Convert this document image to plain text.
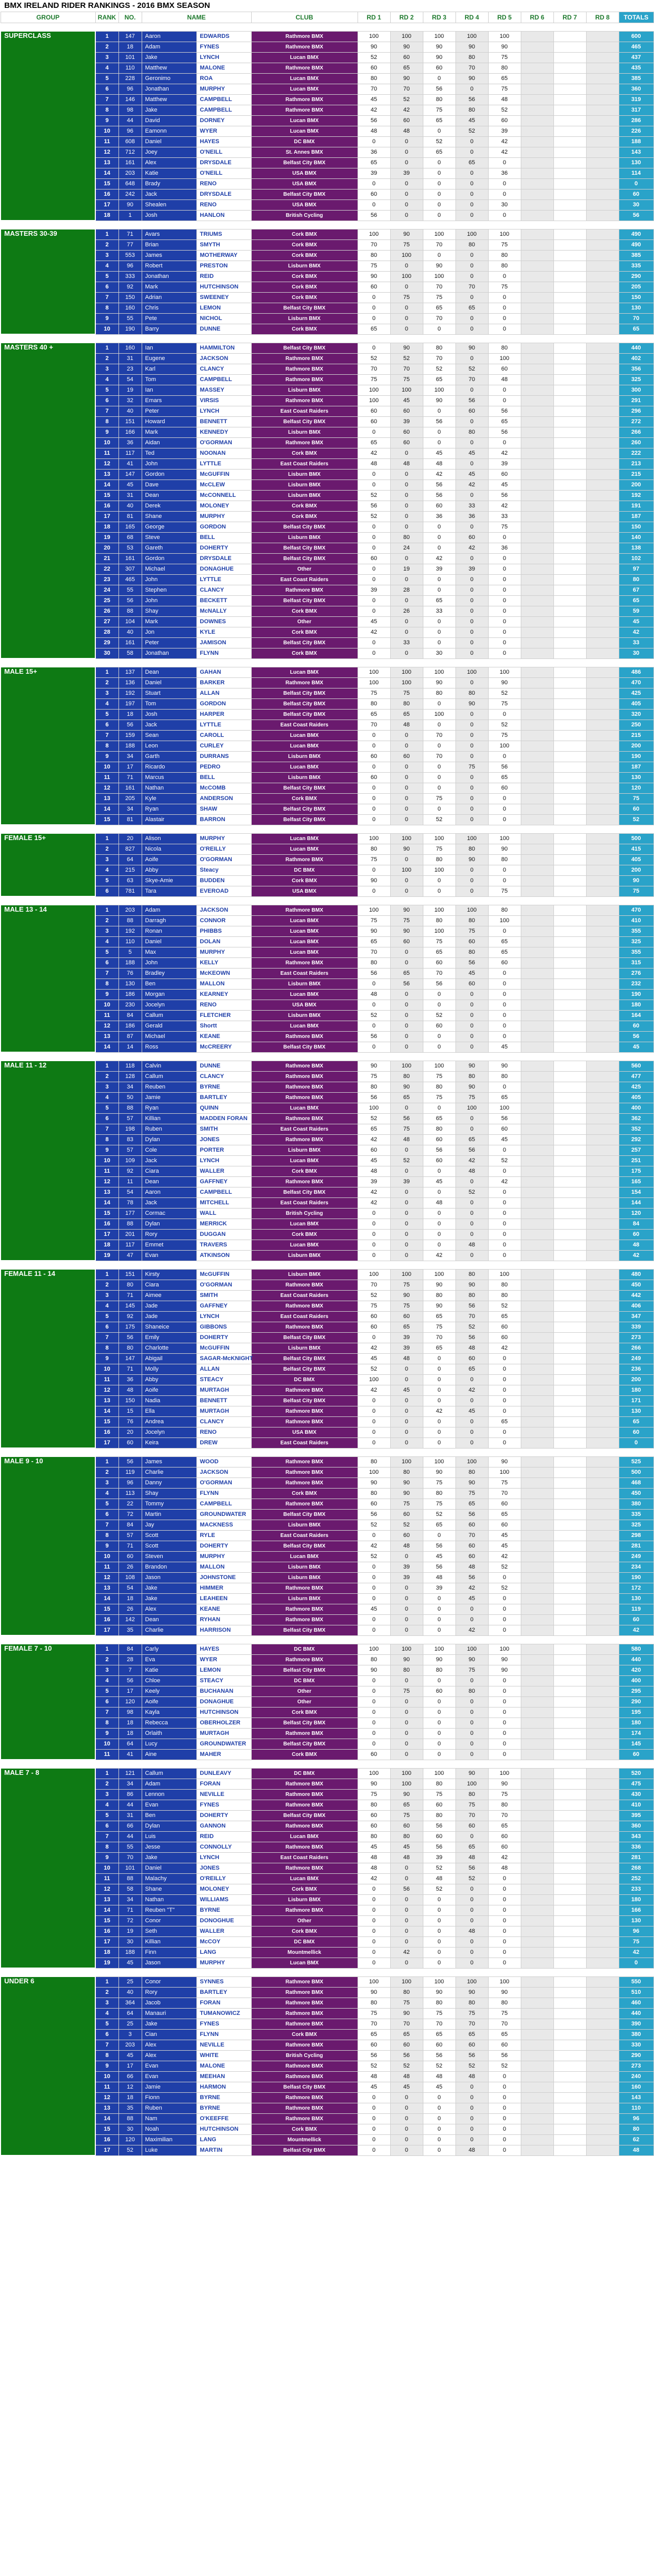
BMX IRELAND RIDER RANKINGS - 2016 BMX SEASON
GROUP	RANK	NO.	NAME		CLUB	RD 1	RD 2	RD 3	RD 4	RD 5	RD 6	RD 7	RD 8	TOTALS

SUPERCLASS	1	147	Aaron	EDWARDS	Rathmore BMX	100	100	100	100	100				600
	2	18	Adam	FYNES	Rathmore BMX	90	90	90	90	90				465
	3	101	Jake	LYNCH	Lucan BMX	52	60	90	80	75				437
	4	110	Matthew	MALONE	Rathmore BMX	60	65	60	70	80				435
	5	228	Geronimo	ROA	Lucan BMX	80	90	0	90	65				385
	6	96	Jonathan	MURPHY	Lucan BMX	70	70	56	0	75				360
	7	146	Matthew	CAMPBELL	Rathmore BMX	45	52	80	56	48				319
	8	98	Jake	CAMPBELL	Rathmore BMX	42	42	75	80	52				317
	9	44	David	DORNEY	Lucan BMX	56	60	65	45	60				286
	10	96	Eamonn	WYER	Lucan BMX	48	48	0	52	39				226
	11	608	Daniel	HAYES	DC BMX	0	0	52	0	42				188
	12	712	Joey	O'NEILL	St. Annes BMX	36	0	65	0	42				143
	13	161	Alex	DRYSDALE	Belfast City BMX	65	0	0	65	0				130
	14	203	Katie	O'NEILL	USA BMX	39	39	0	0	36				114
	15	648	Brady	RENO	USA BMX	0	0	0	0	0				0
	16	242	Jack	DRYSDALE	Belfast City BMX	60	0	0	0	0				60
	17	90	Shealen	RENO	USA BMX	0	0	0	0	30				30
	18	1	Josh	HANLON	British Cycling	56	0	0	0	0				56

MASTERS 30-39	1	71	Avars	TRIUMS	Cork BMX	100	90	100	100	100				490
	2	77	Brian	SMYTH	Cork BMX	70	75	70	80	75				490
	3	553	James	MOTHERWAY	Cork BMX	80	100	0	0	80				385
	4	96	Robert	PRESTON	Lisburn BMX	75	0	90	0	80				335
	5	333	Jonathan	REID	Cork BMX	90	100	100	0	0				290
	6	92	Mark	HUTCHINSON	Cork BMX	60	0	70	70	75				205
	7	150	Adrian	SWEENEY	Cork BMX	0	75	75	0	0				150
	8	160	Chris	LEMON	Belfast City BMX	0	0	65	65	0				130
	9	55	Pete	NICHOL	Lisburn BMX	0	0	70	0	0				70
	10	190	Barry	DUNNE	Cork BMX	65	0	0	0	0				65

MASTERS 40 +	1	160	Ian	HAMMILTON	Belfast City BMX	0	90	80	90	80				440
	2	31	Eugene	JACKSON	Rathmore BMX	52	52	70	0	100				402
	3	23	Karl	CLANCY	Rathmore BMX	70	70	52	52	60				356
	4	54	Tom	CAMPBELL	Rathmore BMX	75	75	65	70	48				325
	5	19	Ian	MASSEY	Lisburn BMX	100	100	100	0	0				300
	6	32	Emars	VIRSIS	Rathmore BMX	100	45	90	56	0				291
	7	40	Peter	LYNCH	East Coast Raiders	60	60	0	60	56				296
	8	151	Howard	BENNETT	Belfast City BMX	60	39	56	0	65				272
	9	166	Mark	KENNEDY	Lisburn BMX	0	60	0	80	56				266
	10	36	Aidan	O'GORMAN	Rathmore BMX	65	60	0	0	0				260
	11	117	Ted	NOONAN	Cork BMX	42	0	45	45	42				222
	12	41	John	LYTTLE	East Coast Raiders	48	48	48	0	39				213
	13	147	Gordon	McGUFFIN	Lisburn BMX	0	0	42	45	60				215
	14	45	Dave	McCLEW	Lisburn BMX	0	0	56	42	45				200
	15	31	Dean	McCONNELL	Lisburn BMX	52	0	56	0	56				192
	16	40	Derek	MOLONEY	Cork BMX	56	0	60	33	42				191
	17	81	Shane	MURPHY	Cork BMX	52	0	36	36	33				187
	18	165	George	GORDON	Belfast City BMX	0	0	0	0	75				150
	19	68	Steve	BELL	Lisburn BMX	0	80	0	60	0				140
	20	53	Gareth	DOHERTY	Belfast City BMX	0	24	0	42	36				138
	21	161	Gordon	DRYSDALE	Belfast City BMX	60	0	42	0	0				102
	22	307	Michael	DONAGHUE	Other	0	19	39	39	0				97
	23	465	John	LYTTLE	East Coast Raiders	0	0	0	0	0				80
	24	55	Stephen	CLANCY	Rathmore BMX	39	28	0	0	0				67
	25	56	John	BECKETT	Belfast City BMX	0	0	65	0	0				65
	26	88	Shay	McNALLY	Cork BMX	0	26	33	0	0				59
	27	104	Mark	DOWNES	Other	45	0	0	0	0				45
	28	40	Jon	KYLE	Cork BMX	42	0	0	0	0				42
	29	161	Peter	JAMISON	Belfast City BMX	0	33	0	0	0				33
	30	58	Jonathan	FLYNN	Cork BMX	0	0	30	0	0				30

MALE 15+	1	137	Dean	GAHAN	Lucan BMX	100	100	100	100	100				486
	2	136	Daniel	BARKER	Rathmore BMX	100	100	90	0	90				470
	3	192	Stuart	ALLAN	Belfast City BMX	75	75	80	80	52				425
	4	197	Tom	GORDON	Belfast City BMX	80	80	0	90	75				405
	5	18	Josh	HARPER	Belfast City BMX	65	65	100	0	0				320
	6	56	Jack	LYTTLE	East Coast Raiders	70	48	0	0	52				250
	7	159	Sean	CAROLL	Lucan BMX	0	0	70	0	75				215
	8	188	Leon	CURLEY	Lucan BMX	0	0	0	0	100				200
	9	34	Garth	DURRANS	Lisburn BMX	60	60	70	0	0				190
	10	17	Ricardo	PEDRO	Lucan BMX	0	0	0	75	56				187
	11	71	Marcus	BELL	Lisburn BMX	60	0	0	0	65				130
	12	161	Nathan	McCOMB	Belfast City BMX	0	0	0	0	60				120
	13	205	Kyle	ANDERSON	Cork BMX	0	0	75	0	0				75
	14	34	Ryan	SHAW	Belfast City BMX	0	0	0	0	0				60
	15	81	Alastair	BARRON	Belfast City BMX	0	0	52	0	0				52

FEMALE 15+	1	20	Alison	MURPHY	Lucan BMX	100	100	100	100	100				500
	2	827	Nicola	O'REILLY	Lucan BMX	80	90	75	80	90				415
	3	64	Aoife	O'GORMAN	Rathmore BMX	75	0	80	90	80				405
	4	215	Abby	Steacy	DC BMX	0	100	100	0	0				200
	5	63	Skye-Amie	BUDDEN	Cork BMX	90	0	0	0	0				90
	6	781	Tara	EVEROAD	USA BMX	0	0	0	0	75				75

MALE 13 - 14	1	203	Adam	JACKSON	Rathmore BMX	100	90	100	100	80				470
	2	88	Darragh	CONNOR	Lucan BMX	75	75	80	80	100				410
	3	192	Ronan	PHIBBS	Lucan BMX	90	90	100	75	0				355
	4	110	Daniel	DOLAN	Lucan BMX	65	60	75	60	65				325
	5	5	Max	MURPHY	Lucan BMX	70	0	65	80	65				355
	6	188	John	KELLY	Rathmore BMX	80	0	60	56	60				315
	7	76	Bradley	McKEOWN	East Coast Raiders	56	65	70	45	0				276
	8	130	Ben	MALLON	Lisburn BMX	0	56	56	60	0				232
	9	186	Morgan	KEARNEY	Lucan BMX	48	0	0	0	0				190
	10	230	Jocelyn	RENO	USA BMX	0	0	0	0	0				180
	11	84	Callum	FLETCHER	Lisburn BMX	52	0	52	0	0				164
	12	186	Gerald	Shortt	Lucan BMX	0	0	60	0	0				60
	13	87	Michael	KEANE	Rathmore BMX	56	0	0	0	0				56
	14	14	Ross	McCREERY	Belfast City BMX	0	0	0	0	45				45

MALE 11 - 12	1	118	Calvin	DUNNE	Rathmore BMX	90	100	100	90	90				560
	2	128	Callum	CLANCY	Rathmore BMX	75	80	75	80	80				477
	3	34	Reuben	BYRNE	Rathmore BMX	80	90	80	90	0				425
	4	50	Jamie	BARTLEY	Rathmore BMX	56	65	75	75	65				405
	5	88	Ryan	QUINN	Lucan BMX	100	0	0	100	100				400
	6	57	Killian	MADDEN FORAN	Rathmore BMX	52	56	65	0	56				362
	7	198	Ruben	SMITH	East Coast Raiders	65	75	80	0	60				352
	8	83	Dylan	JONES	Rathmore BMX	42	48	60	65	45				292
	9	57	Cole	PORTER	Lisburn BMX	60	0	56	56	0				257
	10	109	Jack	LYNCH	Lucan BMX	45	52	60	42	52				251
	11	92	Ciara	WALLER	Cork BMX	48	0	0	48	0				175
	12	11	Dean	GAFFNEY	Rathmore BMX	39	39	45	0	42				165
	13	54	Aaron	CAMPBELL	Belfast City BMX	42	0	0	52	0				154
	14	78	Jack	MITCHELL	East Coast Raiders	42	0	48	0	0				144
	15	177	Cormac	WALL	British Cycling	0	0	0	0	0				120
	16	88	Dylan	MERRICK	Lucan BMX	0	0	0	0	0				84
	17	201	Rory	DUGGAN	Cork BMX	0	0	0	0	0				60
	18	117	Emmet	TRAVERS	Lucan BMX	0	0	0	48	0				48
	19	47	Evan	ATKINSON	Lisburn BMX	0	0	42	0	0				42

FEMALE 11 - 14	1	151	Kirsty	McGUFFIN	Lisburn BMX	100	100	100	80	100				480
	2	80	Ciara	O'GORMAN	Rathmore BMX	70	75	90	90	80				450
	3	71	Aimee	SMITH	East Coast Raiders	52	90	80	80	80				442
	4	145	Jade	GAFFNEY	Rathmore BMX	75	75	90	56	52				406
	5	92	Jade	LYNCH	East Coast Raiders	60	60	65	70	65				347
	6	175	Shaneice	GIBBONS	Rathmore BMX	60	65	75	52	60				339
	7	56	Emily	DOHERTY	Belfast City BMX	0	39	70	56	60				273
	8	80	Charlotte	McGUFFIN	Lisburn BMX	42	39	65	48	42				266
	9	147	Abigail	SAGAR-McKNIGHT	Belfast City BMX	45	48	0	60	0				249
	10	71	Molly	ALLAN	Belfast City BMX	52	0	0	65	0				236
	11	36	Abby	STEACY	DC BMX	100	0	0	0	0				200
	12	48	Aoife	MURTAGH	Rathmore BMX	42	45	0	42	0				180
	13	150	Nadia	BENNETT	Belfast City BMX	0	0	0	0	0				171
	14	15	Ella	MURTAGH	Rathmore BMX	0	0	42	45	0				130
	15	76	Andrea	CLANCY	Rathmore BMX	0	0	0	0	65				65
	16	20	Jocelyn	RENO	USA BMX	0	0	0	0	0				60
	17	60	Keira	DREW	East Coast Raiders	0	0	0	0	0				0

MALE 9 - 10	1	56	James	WOOD	Rathmore BMX	80	100	100	100	90				525
	2	119	Charlie	JACKSON	Rathmore BMX	100	80	90	80	100				500
	3	96	Danny	O'GORMAN	Rathmore BMX	90	90	75	90	75				468
	4	113	Shay	FLYNN	Cork BMX	80	90	80	75	70				450
	5	22	Tommy	CAMPBELL	Rathmore BMX	60	75	75	65	60				380
	6	72	Martin	GROUNDWATER	Belfast City BMX	56	60	52	56	65				335
	7	84	Jay	MACKNESS	Lisburn BMX	52	52	65	60	60				325
	8	57	Scott	RYLE	East Coast Raiders	0	60	0	70	45				298
	9	71	Scott	DOHERTY	Belfast City BMX	42	48	56	60	45				281
	10	60	Steven	MURPHY	Lucan BMX	52	0	45	60	42				249
	11	26	Brandon	MALLON	Lisburn BMX	0	39	56	48	52				234
	12	108	Jason	JOHNSTONE	Lisburn BMX	0	39	48	56	0				190
	13	54	Jake	HIMMER	Rathmore BMX	0	0	39	42	52				172
	14	18	Jake	LEAHEEN	Lisburn BMX	0	0	0	45	0				130
	15	26	Alex	KEANE	Rathmore BMX	45	0	0	0	0				119
	16	142	Dean	RYHAN	Rathmore BMX	0	0	0	0	0				60
	17	35	Charlie	HARRISON	Belfast City BMX	0	0	0	42	0				42

FEMALE 7 - 10	1	84	Carly	HAYES	DC BMX	100	100	100	100	100				580
	2	28	Eva	WYER	Rathmore BMX	80	90	90	90	90				440
	3	7	Katie	LEMON	Belfast City BMX	90	80	80	75	90				420
	4	56	Chloe	STEACY	DC BMX	0	0	0	0	0				400
	5	17	Keely	BUCHANAN	Other	0	75	60	80	0				295
	6	120	Aoife	DONAGHUE	Other	0	0	0	0	0				290
	7	98	Kayla	HUTCHINSON	Cork BMX	0	0	0	0	0				195
	8	18	Rebecca	OBERHOLZER	Belfast City BMX	0	0	0	0	0				180
	9	18	Orlaith	MURTAGH	Rathmore BMX	0	0	0	0	0				174
	10	64	Lucy	GROUNDWATER	Belfast City BMX	0	0	0	0	0				145
	11	41	Aine	MAHER	Cork BMX	60	0	0	0	0				60

MALE 7 - 8	1	121	Callum	DUNLEAVY	DC BMX	100	100	100	90	100				520
	2	34	Adam	FORAN	Rathmore BMX	90	100	80	100	90				475
	3	86	Lennon	NEVILLE	Rathmore BMX	75	90	75	80	75				430
	4	44	Evan	FYNES	Rathmore BMX	80	65	60	75	80				410
	5	31	Ben	DOHERTY	Belfast City BMX	60	75	80	70	70				395
	6	66	Dylan	GANNON	Rathmore BMX	60	60	56	60	65				360
	7	44	Luis	REID	Lucan BMX	80	80	60	0	60				343
	8	55	Jesse	CONNOLLY	Rathmore BMX	45	45	56	65	60				336
	9	70	Jake	LYNCH	East Coast Raiders	48	48	39	48	42				281
	10	101	Daniel	JONES	Rathmore BMX	48	0	52	56	48				268
	11	88	Malachy	O'REILLY	Lucan BMX	42	0	48	52	0				252
	12	58	Shane	MOLONEY	Cork BMX	0	56	52	0	0				233
	13	34	Nathan	WILLIAMS	Lisburn BMX	0	0	0	0	0				180
	14	71	Reuben "T"	BYRNE	Rathmore BMX	0	0	0	0	0				166
	15	72	Conor	DONOGHUE	Other	0	0	0	0	0				130
	16	19	Seth	WALLER	Cork BMX	0	0	0	48	0				96
	17	30	Killian	McCOY	DC BMX	0	0	0	0	0				75
	18	188	Finn	LANG	Mountmellick	0	42	0	0	0				42
	19	45	Jason	MURPHY	Lucan BMX	0	0	0	0	0				0

UNDER 6	1	25	Conor	SYNNES	Rathmore BMX	100	100	100	100	100				550
	2	40	Rory	BARTLEY	Rathmore BMX	90	80	90	90	90				510
	3	364	Jacob	FORAN	Rathmore BMX	80	75	80	80	80				460
	4	64	Manauri	TUMANOWICZ	Rathmore BMX	75	90	75	75	75				440
	5	25	Jake	FYNES	Rathmore BMX	70	70	70	70	70				390
	6	3	Cian	FLYNN	Cork BMX	65	65	65	65	65				380
	7	203	Alex	NEVILLE	Rathmore BMX	60	60	60	60	60				330
	8	45	Alex	WHITE	British Cycling	56	56	56	56	56				290
	9	17	Evan	MALONE	Rathmore BMX	52	52	52	52	52				273
	10	66	Evan	MEEHAN	Rathmore BMX	48	48	48	48	0				240
	11	12	Jamie	HARMON	Belfast City BMX	45	45	45	0	0				160
	12	18	Fionn	BYRNE	Rathmore BMX	0	0	0	0	0				143
	13	35	Ruben	BYRNE	Rathmore BMX	0	0	0	0	0				110
	14	88	Nam	O'KEEFFE	Rathmore BMX	0	0	0	0	0				96
	15	30	Noah	HUTCHINSON	Cork BMX	0	0	0	0	0				80
	16	120	Maximilian	LANG	Mountmellick	0	0	0	0	0				62
	17	52	Luke	MARTIN	Belfast City BMX	0	0	0	48	0				48
